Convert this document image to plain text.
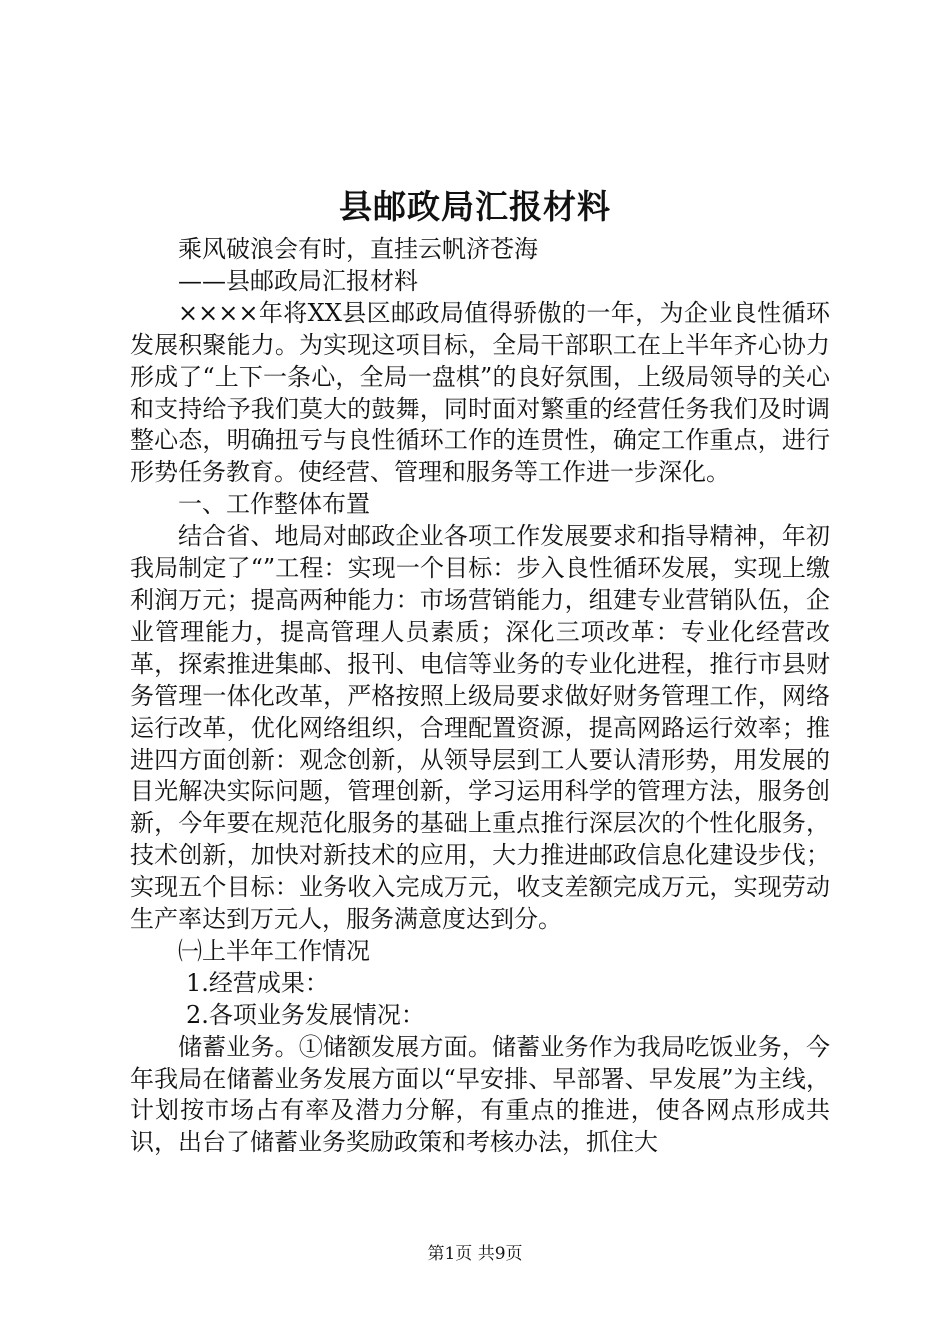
县邮政局汇报材料

乘风破浪会有时，直挂云帆济苍海

——县邮政局汇报材料

××××年将XX县区邮政局值得骄傲的一年，为企业良性循环发展积聚能力。为实现这项目标，全局干部职工在上半年齐心协力形成了“上下一条心，全局一盘棋”的良好氛围，上级局领导的关心和支持给予我们莫大的鼓舞，同时面对繁重的经营任务我们及时调整心态，明确扭亏与良性循环工作的连贯性，确定工作重点，进行形势任务教育。使经营、管理和服务等工作进一步深化。

一、工作整体布置

结合省、地局对邮政企业各项工作发展要求和指导精神，年初我局制定了“”工程：实现一个目标：步入良性循环发展，实现上缴利润万元；提高两种能力：市场营销能力，组建专业营销队伍，企业管理能力，提高管理人员素质；深化三项改革：专业化经营改革，探索推进集邮、报刊、电信等业务的专业化进程，推行市县财务管理一体化改革，严格按照上级局要求做好财务管理工作，网络运行改革，优化网络组织，合理配置资源，提高网路运行效率；推进四方面创新：观念创新，从领导层到工人要认清形势，用发展的目光解决实际问题，管理创新，学习运用科学的管理方法，服务创新，今年要在规范化服务的基础上重点推行深层次的个性化服务，技术创新，加快对新技术的应用，大力推进邮政信息化建设步伐；实现五个目标：业务收入完成万元，收支差额完成万元，实现劳动生产率达到万元人，服务满意度达到分。

㈠上半年工作情况

1.经营成果：

2.各项业务发展情况：

储蓄业务。①储额发展方面。储蓄业务作为我局吃饭业务，今年我局在储蓄业务发展方面以“早安排、早部署、早发展”为主线，计划按市场占有率及潜力分解，有重点的推进，使各网点形成共识，出台了储蓄业务奖励政策和考核办法，抓住大

第1页 共9页
